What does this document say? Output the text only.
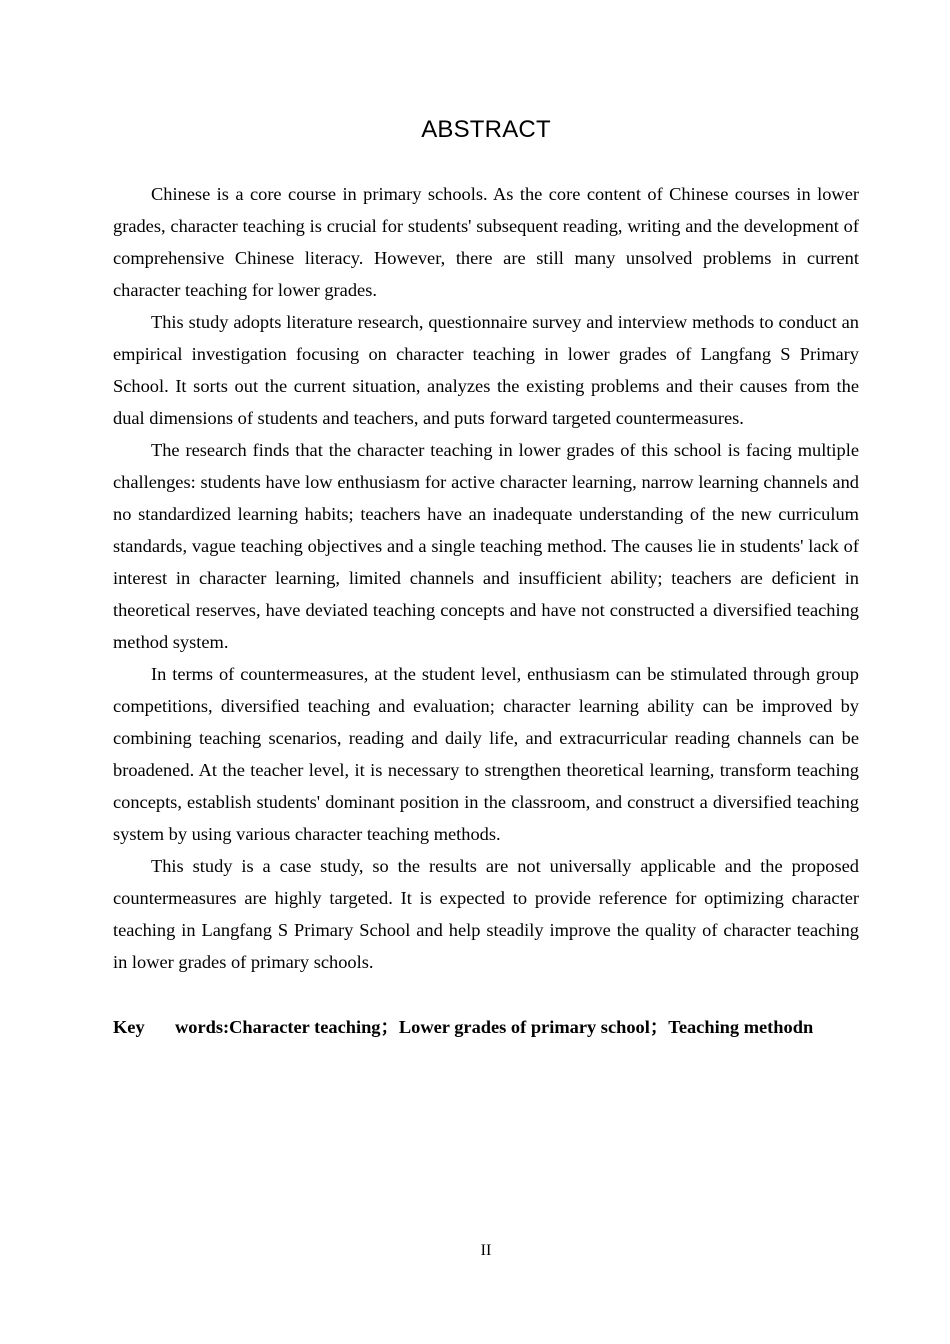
ABSTRACT

Chinese is a core course in primary schools. As the core content of Chinese courses in lower grades, character teaching is crucial for students' subsequent reading, writing and the development of comprehensive Chinese literacy. However, there are still many unsolved problems in current character teaching for lower grades.

This study adopts literature research, questionnaire survey and interview methods to conduct an empirical investigation focusing on character teaching in lower grades of Langfang S Primary School. It sorts out the current situation, analyzes the existing problems and their causes from the dual dimensions of students and teachers, and puts forward targeted countermeasures.

The research finds that the character teaching in lower grades of this school is facing multiple challenges: students have low enthusiasm for active character learning, narrow learning channels and no standardized learning habits; teachers have an inadequate understanding of the new curriculum standards, vague teaching objectives and a single teaching method. The causes lie in students' lack of interest in character learning, limited channels and insufficient ability; teachers are deficient in theoretical reserves, have deviated teaching concepts and have not constructed a diversified teaching method system.

In terms of countermeasures, at the student level, enthusiasm can be stimulated through group competitions, diversified teaching and evaluation; character learning ability can be improved by combining teaching scenarios, reading and daily life, and extracurricular reading channels can be broadened. At the teacher level, it is necessary to strengthen theoretical learning, transform teaching concepts, establish students' dominant position in the classroom, and construct a diversified teaching system by using various character teaching methods.

This study is a case study, so the results are not universally applicable and the proposed countermeasures are highly targeted. It is expected to provide reference for optimizing character teaching in Langfang S Primary School and help steadily improve the quality of character teaching in lower grades of primary schools.

Key words:Character teaching；Lower grades of primary school；Teaching methodn
II
